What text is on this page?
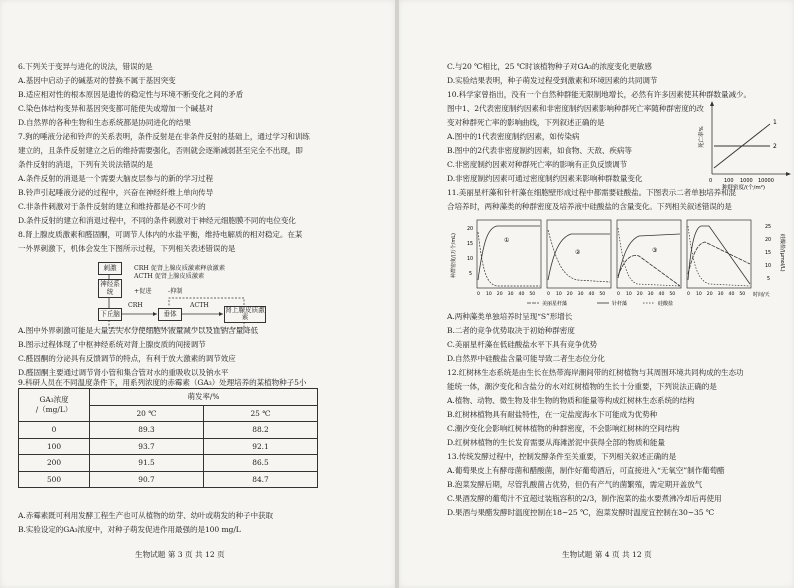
6.下列关于变异与进化的说法，错误的是
A.基因中启动子的碱基对的替换不属于基因突变
B.适应相对性的根本原因是遗传的稳定性与环境不断变化之间的矛盾
C.染色体结构变异和基因突变都可能使失或增加一个碱基对
D.自然界的各种生物和生态系统都是协同进化的结果
7.狗的唾液分泌和铃声的关系表明，条件反射是在非条件反射的基础上，通过学习和训练
建立的，且条件反射建立之后的维持需要强化，否则就会逐渐减弱甚至完全不出现，即
条件反射的消退，下列有关说法错误的是
A.条件反射的消退是一个需要大脑皮层参与的新的学习过程
B.铃声引起唾液分泌的过程中，兴奋在神经纤维上单向传导
C.非条件刺激对于条件反射的建立和维持都是必不可少的
D.条件反射的建立和消退过程中，不同的条件刺激对于神经元细胞膜不同的电位变化
8.肾上腺皮质激素和醛固酮，可调节人体内的水盐平衡，维持电解质的相对稳定。在某
一外界刺激下，机体会发生下图所示过程，下列相关表述错误的是
A.图中外界刺激可能是大量丢失水分使细胞外液量减少以及血钠含量降低
B.图示过程体现了中枢神经系统对肾上腺皮质的间接调节
C.醛固酮的分泌具有反馈调节的特点，有利于放大激素的调节效应
D.醛固酮主要通过调节肾小管和集合管对水的重吸收以及钠水平
刺激
神经系统
下丘脑	垂体	肾上腺皮质激素
CRH 促肾上腺皮质激素释放激素
ACTH 促肾上腺皮质激素
+促进	-抑制
CRH	ACTH
GA₃浓度
/（mg/L）	萌发率/%	
	20 ℃	25 ℃
0	89.3	88.2
100	93.7	92.1
200	91.5	86.5
500	90.7	84.7
9.科研人员在不同温度条件下，用系列浓度的赤霉素（GA₃）处理培养的某植物种子5小
A.赤霉素既可利用发酵工程生产也可从植物的幼芽、幼叶或萌发的种子中获取
B.实验设定的GA₃浓度中，对种子萌发促进作用最强的是100 mg/L
生物试题 第 3 页 共 12 页
C.与20 ℃相比，25 ℃时该植物种子对GA₃的浓度变化更敏感
D.实验结果表明，种子萌发过程受到激素和环境因素的共同调节
10.科学家曾指出，没有一个自然种群能无限制地增长，必然有许多因素使其种群数量减少。
图中1、2代表密度制约因素和非密度制约因素影响种群死亡率随种群密度的改
变对种群死亡率的影响曲线，下列叙述正确的是
A.图中的1代表密度制约因素，如传染病
B.图中的2代表非密度制约因素，如食物、天敌、疾病等
C.非密度制约因素对种群死亡率的影响有正负反馈调节
D.非密度制约因素可通过密度制约因素来影响种群数量变化
11.美丽星杆藻和针杆藻在细胞壁形成过程中都需要硅酸盐。下图表示二者单独培养和混
合培养时，两种藻类的种群密度及培养液中硅酸盐的含量变化。下列相关叙述错误的是
死亡率%
1
2
0 100 1000 10000
种群密度/(个/m²)
种群密度/(万个/mL)	硅酸盐/(μmol/L)
20
15
10
5
25
20
15
10
5
①
②	③
0 10 20 30 40 50	0 10 20 30 40 50	0 10 20 30 40 50	0 10 20 30 40 50 时间/天
美丽星杆藻	针杆藻	硅酸盐
A.两种藻类单独培养时呈现“S”形增长
B.二者的竞争优势取决于初始种群密度
C.美丽星杆藻在低硅酸盐水平下具有竞争优势
D.自然界中硅酸盐含量可能导致二者生态位分化
12.红树林生态系统是由生长在热带海岸潮间带的红树植物与其周围环境共同构成的生态功
能统一体，潮汐变化和含盐分的水对红树植物的生长十分重要，下列说法正确的是
A.植物、动物、微生物及非生物的物质和能量等构成红树林生态系统的结构
B.红树林植物具有耐盐特性，在一定盐度海水下可能成为优势种
C.潮汐变化会影响红树林植物的种群密度，不会影响红树林的空间结构
D.红树林植物的生长发育需要从海滩淤泥中获得全部的物质和能量
13.传统发酵过程中，控制发酵条件至关重要，下列相关叙述正确的是
A.葡萄果皮上有酵母菌和醋酸菌，制作好葡萄酒后，可直接进入“无氧空”制作葡萄醋
B.泡菜发酵后期，尽管乳酸菌占优势，但仍有产气的菌繁殖，需定期开盖放气
C.果酒发酵的葡萄汁不宜超过装瓶容积的2/3，制作泡菜的盐水要煮沸冷却后再使用
D.果酒与果醋发酵时温度控制在18~25 ℃，泡菜发酵时温度宜控制在30~35 ℃
生物试题 第 4 页 共 12 页
